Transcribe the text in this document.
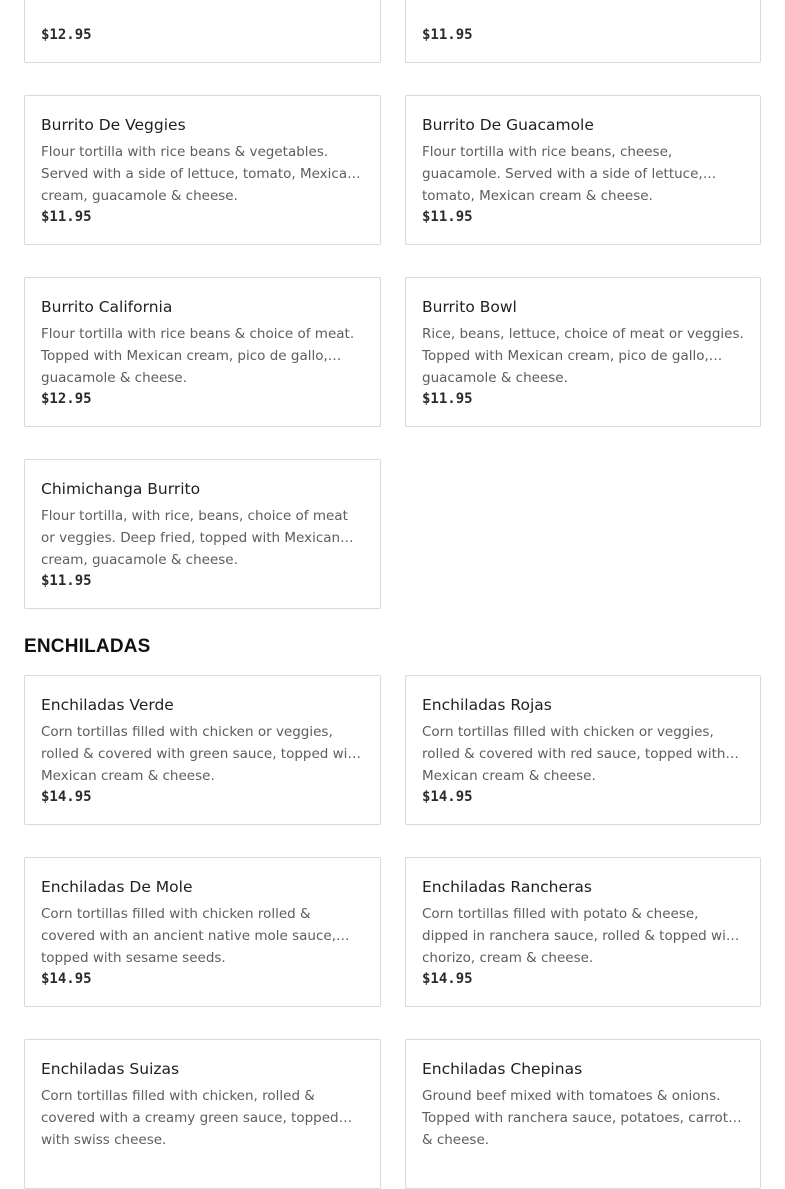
$12.95	$11.95
Burrito De Veggies
Flour tortilla with rice beans & vegetables. Served with a side of lettuce, tomato, Mexican cream, guacamole & cheese.
$11.95
Burrito De Guacamole
Flour tortilla with rice beans, cheese, guacamole. Served with a side of lettuce, tomato, Mexican cream & cheese.
$11.95
Burrito California
Flour tortilla with rice beans & choice of meat. Topped with Mexican cream, pico de gallo, guacamole & cheese.
$12.95
Burrito Bowl
Rice, beans, lettuce, choice of meat or veggies. Topped with Mexican cream, pico de gallo, guacamole & cheese.
$11.95
Chimichanga Burrito
Flour tortilla, with rice, beans, choice of meat or veggies. Deep fried, topped with Mexican cream, guacamole & cheese.
$11.95
ENCHILADAS
Enchiladas Verde
Corn tortillas filled with chicken or veggies, rolled & covered with green sauce, topped with Mexican cream & cheese.
$14.95
Enchiladas Rojas
Corn tortillas filled with chicken or veggies, rolled & covered with red sauce, topped with Mexican cream & cheese.
$14.95
Enchiladas De Mole
Corn tortillas filled with chicken rolled & covered with an ancient native mole sauce, topped with sesame seeds.
$14.95
Enchiladas Rancheras
Corn tortillas filled with potato & cheese, dipped in ranchera sauce, rolled & topped with chorizo, cream & cheese.
$14.95
Enchiladas Suizas
Corn tortillas filled with chicken, rolled & covered with a creamy green sauce, topped with swiss cheese.
Enchiladas Chepinas
Ground beef mixed with tomatoes & onions. Topped with ranchera sauce, potatoes, carrots & cheese.
